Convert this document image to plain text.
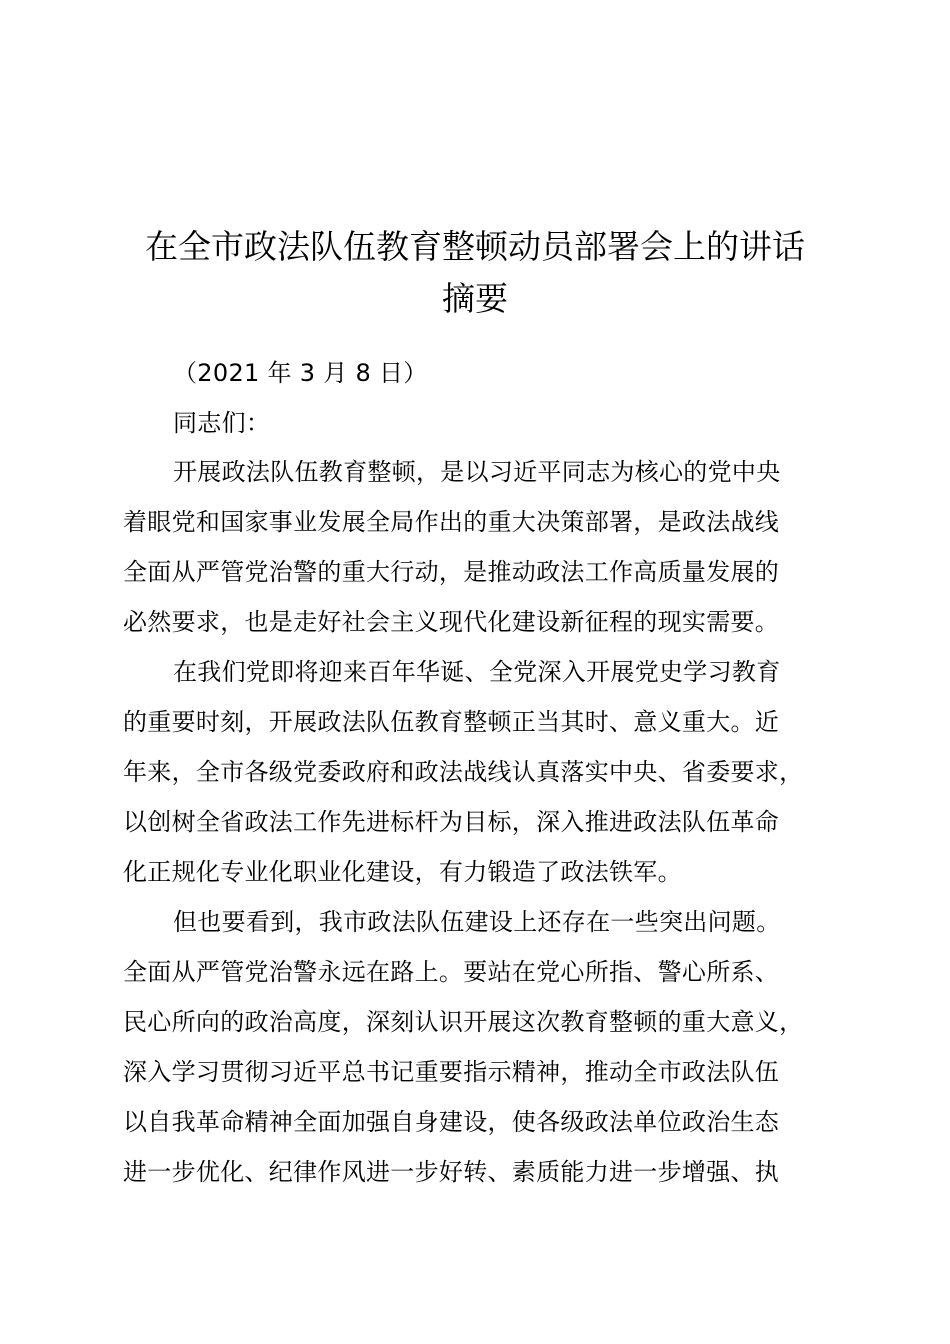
在全市政法队伍教育整顿动员部署会上的讲话
摘要
（2021 年 3 月 8 日）
同志们：
开展政法队伍教育整顿，是以习近平同志为核心的党中央
着眼党和国家事业发展全局作出的重大决策部署，是政法战线
全面从严管党治警的重大行动，是推动政法工作高质量发展的
必然要求，也是走好社会主义现代化建设新征程的现实需要。
在我们党即将迎来百年华诞、全党深入开展党史学习教育
的重要时刻，开展政法队伍教育整顿正当其时、意义重大。近
年来，全市各级党委政府和政法战线认真落实中央、省委要求，
以创树全省政法工作先进标杆为目标，深入推进政法队伍革命
化正规化专业化职业化建设，有力锻造了政法铁军。
但也要看到，我市政法队伍建设上还存在一些突出问题。
全面从严管党治警永远在路上。要站在党心所指、警心所系、
民心所向的政治高度，深刻认识开展这次教育整顿的重大意义，
深入学习贯彻习近平总书记重要指示精神，推动全市政法队伍
以自我革命精神全面加强自身建设，使各级政法单位政治生态
进一步优化、纪律作风进一步好转、素质能力进一步增强、执
